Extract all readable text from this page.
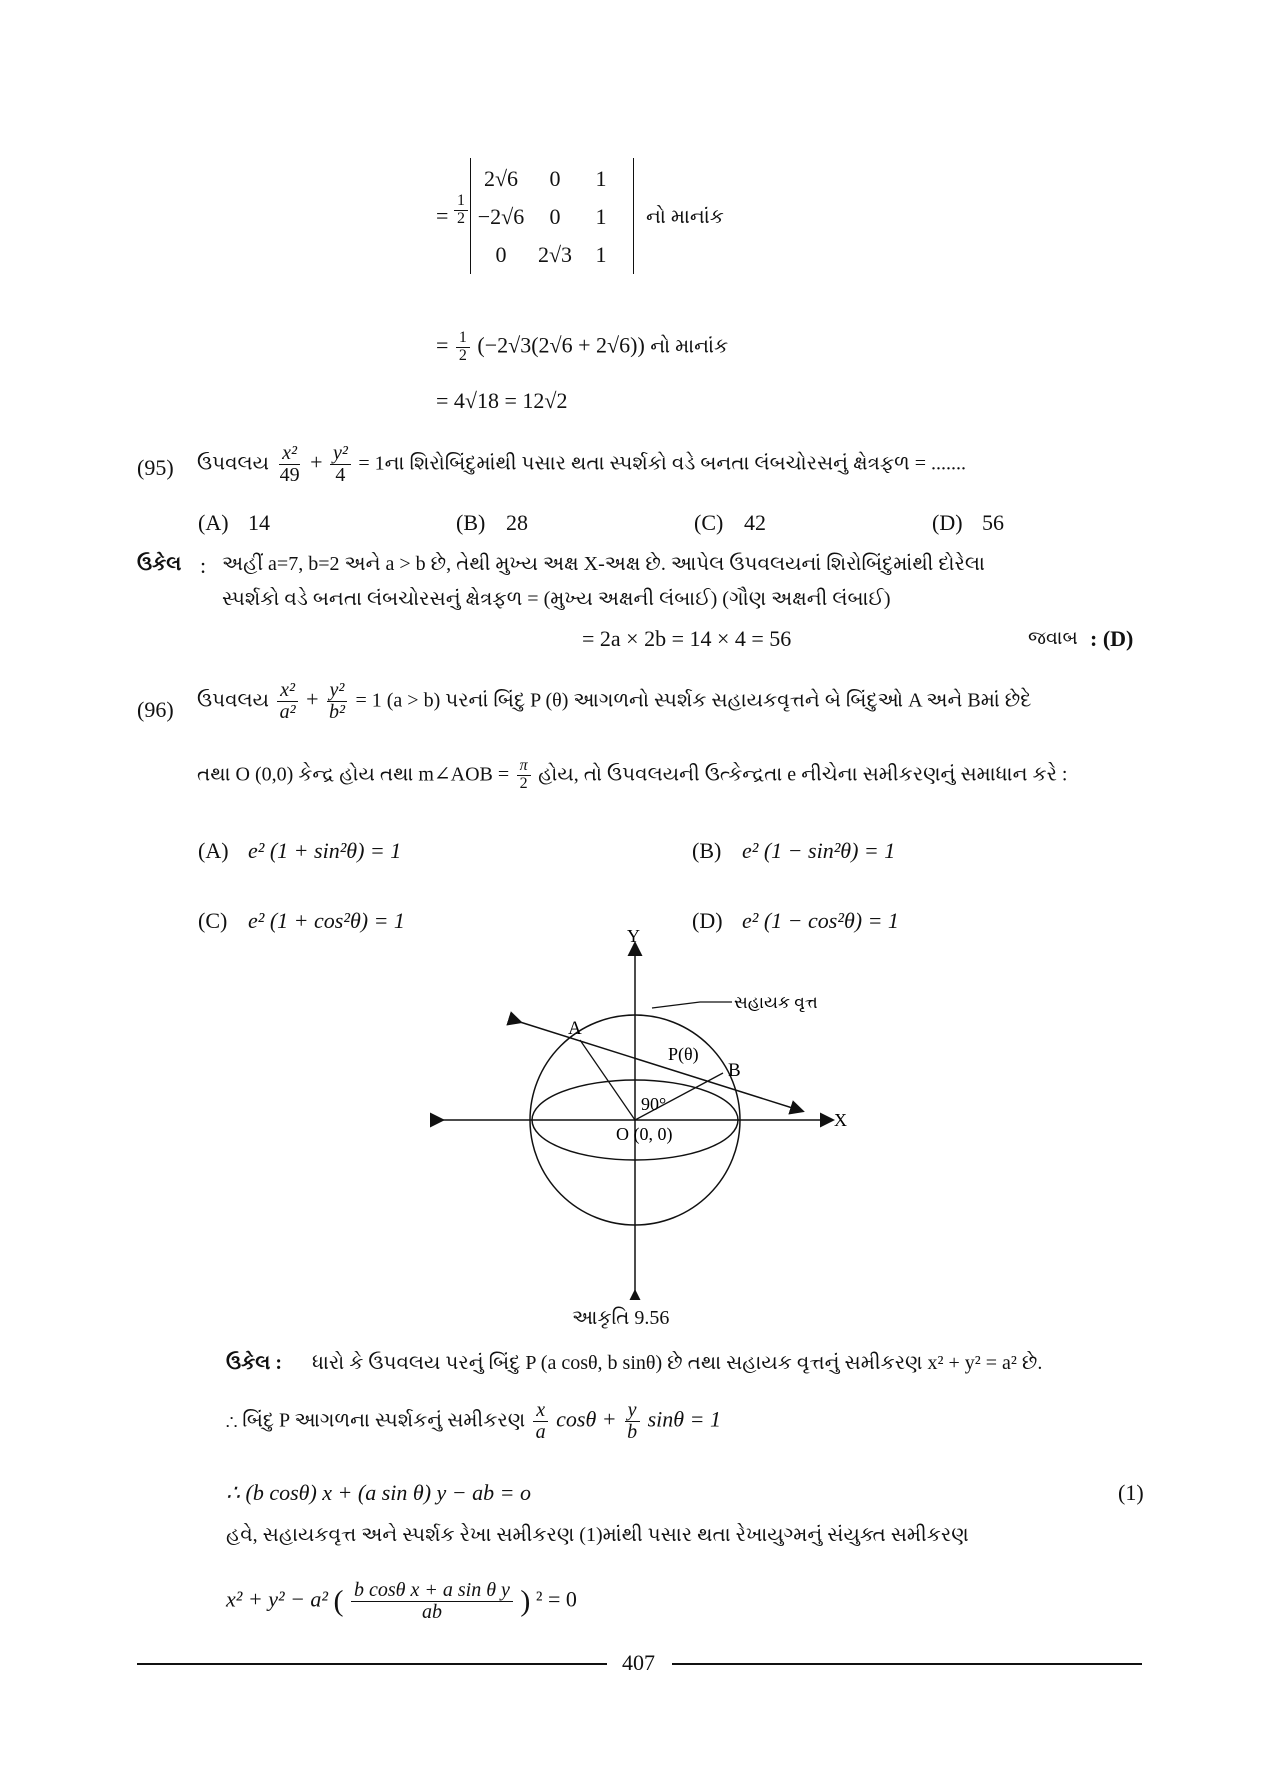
= $\frac{1}{2}$
2√6	0	1
−2√6	0	1
0	2√3	1
નો માનાંક
= $\frac{1}{2} (-2√3(2√6 + 2√6))$ નો માનાંક
= 4√18 = 12√2
(95) ઉપવલય $\frac{\text{x²}}{49} + \frac{\text{y²}}{4}$ = 1ના શિરોબિંદુમાંથી પસાર થતા સ્પર્શકો વડે બનતા લંબચોરસનું ક્ષેત્રફળ = .......
(A) 14	(B) 28	(C) 42	(D) 56
ઉકેલ : અહીં a=7, b=2 અને a > b છે, તેથી મુખ્ય અક્ષ X-અક્ષ છે. આપેલ ઉપવલયનાં શિરોબિંદુમાંથી દોરેલા
સ્પર્શકો વડે બનતા લંબચોરસનું ક્ષેત્રફળ = (મુખ્ય અક્ષની લંબાઈ) (ગૌણ અક્ષની લંબાઈ)
= 2a × 2b = 14 × 4 = 56	જવાબ : (D)
(96) ઉપવલય $\frac{\text{x²}}{\text{a²}} + \frac{\text{y²}}{\text{b²}} = 1$ (a > b) પરનાં બિંદુ P (θ) આગળનો સ્પર્શક સહાયકવૃત્તને બે બિંદુઓ A અને Bમાં છેદે
તથા O (0,0) કેન્દ્ર હોય તથા m∠AOB = $\frac{\pi}{2}$ હોય, તો ઉપવલયની ઉત્કેન્દ્રતા e નીચેના સમીકરણનું સમાધાન કરે :
(A) e² (1 + sin²θ) = 1	(B) e² (1 − sin²θ) = 1
(C) e² (1 + cos²θ) = 1	(D) e² (1 − cos²θ) = 1
A
B
P(θ)
90°
O (0, 0)
Y
X
સહાયક વૃત્ત
આકૃતિ 9.56
ઉકેલ : ધારો કે ઉપવલય પરનું બિંદુ P (a cosθ, b sinθ) છે તથા સહાયક વૃત્તનું સમીકરણ x² + y² = a² છે.
∴ બિંદુ P આગળના સ્પર્શકનું સમીકરણ $\frac{x}{a}$ $\cos\theta + \frac{y}{b}$ sinθ = 1
∴ (b cosθ) x + (a sin θ) y − ab = o	(1)
હવે, સહાયકવૃત્ત અને સ્પર્શક રેખા સમીકરણ (1)માંથી પસાર થતા રેખાયુગ્મનું સંયુક્ત સમીકરણ
x² + y² − a² ( $\frac{\text{b cosθ x + a sin θ y}}{ab}$ ) ² = 0
407
